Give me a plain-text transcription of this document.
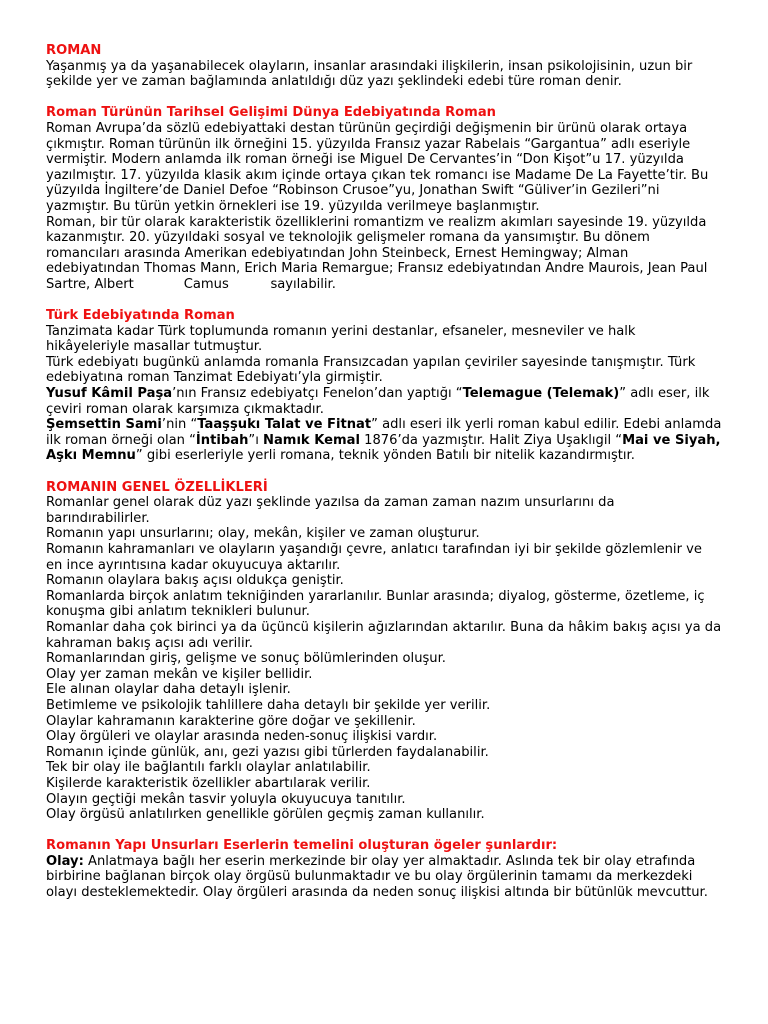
ROMAN

Yaşanmış ya da yaşanabilecek olayların, insanlar arasındaki ilişkilerin, insan psikolojisinin, uzun bir şekilde yer ve zaman bağlamında anlatıldığı düz yazı şeklindeki edebi türe roman denir.

Roman Türünün Tarihsel Gelişimi Dünya Edebiyatında Roman

Roman Avrupa’da sözlü edebiyattaki destan türünün geçirdiği değişmenin bir ürünü olarak ortaya çıkmıştır. Roman türünün ilk örneğini 15. yüzyılda Fransız yazar Rabelais “Gargantua” adlı eseriyle vermiştir. Modern anlamda ilk roman örneği ise Miguel De Cervantes’in “Don Kişot”u 17. yüzyılda yazılmıştır. 17. yüzyılda klasik akım içinde ortaya çıkan tek romancı ise Madame De La Fayette’tir. Bu yüzyılda İngiltere’de Daniel Defoe “Robinson Crusoe”yu, Jonathan Swift “Güliver’in Gezileri”ni yazmıştır. Bu türün yetkin örnekleri ise 19. yüzyılda verilmeye başlanmıştır.

Roman, bir tür olarak karakteristik özelliklerini romantizm ve realizm akımları sayesinde 19. yüzyılda kazanmıştır. 20. yüzyıldaki sosyal ve teknolojik gelişmeler romana da yansımıştır. Bu dönem romancıları arasında Amerikan edebiyatından John Steinbeck, Ernest Hemingway; Alman edebiyatından Thomas Mann, Erich Maria Remargue; Fransız edebiyatından Andre Maurois, Jean Paul Sartre, Albert	Camus	sayılabilir.

Türk Edebiyatında Roman

Tanzimata kadar Türk toplumunda romanın yerini destanlar, efsaneler, mesneviler ve halk hikâyeleriyle masallar tutmuştur.

Türk edebiyatı bugünkü anlamda romanla Fransızcadan yapılan çeviriler sayesinde tanışmıştır. Türk edebiyatına roman Tanzimat Edebiyatı’yla girmiştir.

Yusuf Kâmil Paşa’nın Fransız edebiyatçı Fenelon’dan yaptığı “Telemague (Telemak)” adlı eser, ilk çeviri roman olarak karşımıza çıkmaktadır.

Şemsettin Sami’nin “Taaşşukı Talat ve Fitnat” adlı eseri ilk yerli roman kabul edilir. Edebi anlamda ilk roman örneği olan “İntibah”ı Namık Kemal 1876’da yazmıştır. Halit Ziya Uşaklıgil “Mai ve Siyah, Aşkı Memnu” gibi eserleriyle yerli romana, teknik yönden Batılı bir nitelik kazandırmıştır.

ROMANIN GENEL ÖZELLİKLERİ

Romanlar genel olarak düz yazı şeklinde yazılsa da zaman zaman nazım unsurlarını da barındırabilirler.

Romanın yapı unsurlarını; olay, mekân, kişiler ve zaman oluşturur.

Romanın kahramanları ve olayların yaşandığı çevre, anlatıcı tarafından iyi bir şekilde gözlemlenir ve en ince ayrıntısına kadar okuyucuya aktarılır.

Romanın olaylara bakış açısı oldukça geniştir.

Romanlarda birçok anlatım tekniğinden yararlanılır. Bunlar arasında; diyalog, gösterme, özetleme, iç konuşma gibi anlatım teknikleri bulunur.

Romanlar daha çok birinci ya da üçüncü kişilerin ağızlarından aktarılır. Buna da hâkim bakış açısı ya da kahraman bakış açısı adı verilir.

Romanlarından giriş, gelişme ve sonuç bölümlerinden oluşur.

Olay yer zaman mekân ve kişiler bellidir.

Ele alınan olaylar daha detaylı işlenir.

Betimleme ve psikolojik tahlillere daha detaylı bir şekilde yer verilir.

Olaylar kahramanın karakterine göre doğar ve şekillenir.

Olay örgüleri ve olaylar arasında neden-sonuç ilişkisi vardır.

Romanın içinde günlük, anı, gezi yazısı gibi türlerden faydalanabilir.

Tek bir olay ile bağlantılı farklı olaylar anlatılabilir.

Kişilerde karakteristik özellikler abartılarak verilir.

Olayın geçtiği mekân tasvir yoluyla okuyucuya tanıtılır.

Olay örgüsü anlatılırken genellikle görülen geçmiş zaman kullanılır.

Romanın Yapı Unsurları Eserlerin temelini oluşturan ögeler şunlardır:

Olay: Anlatmaya bağlı her eserin merkezinde bir olay yer almaktadır. Aslında tek bir olay etrafında birbirine bağlanan birçok olay örgüsü bulunmaktadır ve bu olay örgülerinin tamamı da merkezdeki olayı desteklemektedir. Olay örgüleri arasında da neden sonuç ilişkisi altında bir bütünlük mevcuttur.
